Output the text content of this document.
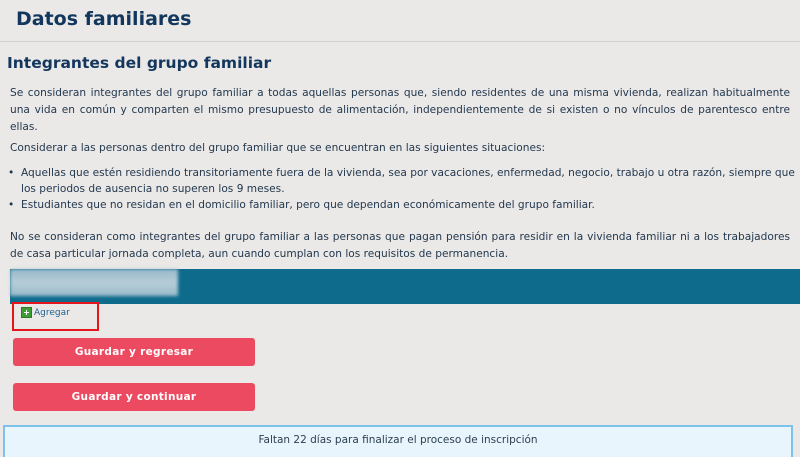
Datos familiares
Integrantes del grupo familiar

Se consideran integrantes del grupo familiar a todas aquellas personas que, siendo residentes de una misma vivienda, realizan habitualmente una vida en común y comparten el mismo presupuesto de alimentación, independientemente de si existen o no vínculos de parentesco entre ellas.

Considerar a las personas dentro del grupo familiar que se encuentran en las siguientes situaciones:

• Aquellas que estén residiendo transitoriamente fuera de la vivienda, sea por vacaciones, enfermedad, negocio, trabajo u otra razón, siempre que los periodos de ausencia no superen los 9 meses.
• Estudiantes que no residan en el domicilio familiar, pero que dependan económicamente del grupo familiar.

No se consideran como integrantes del grupo familiar a las personas que pagan pensión para residir en la vivienda familiar ni a los trabajadores de casa particular jornada completa, aun cuando cumplan con los requisitos de permanencia.

Agregar
Guardar y regresar
Guardar y continuar
Faltan 22 días para finalizar el proceso de inscripción
